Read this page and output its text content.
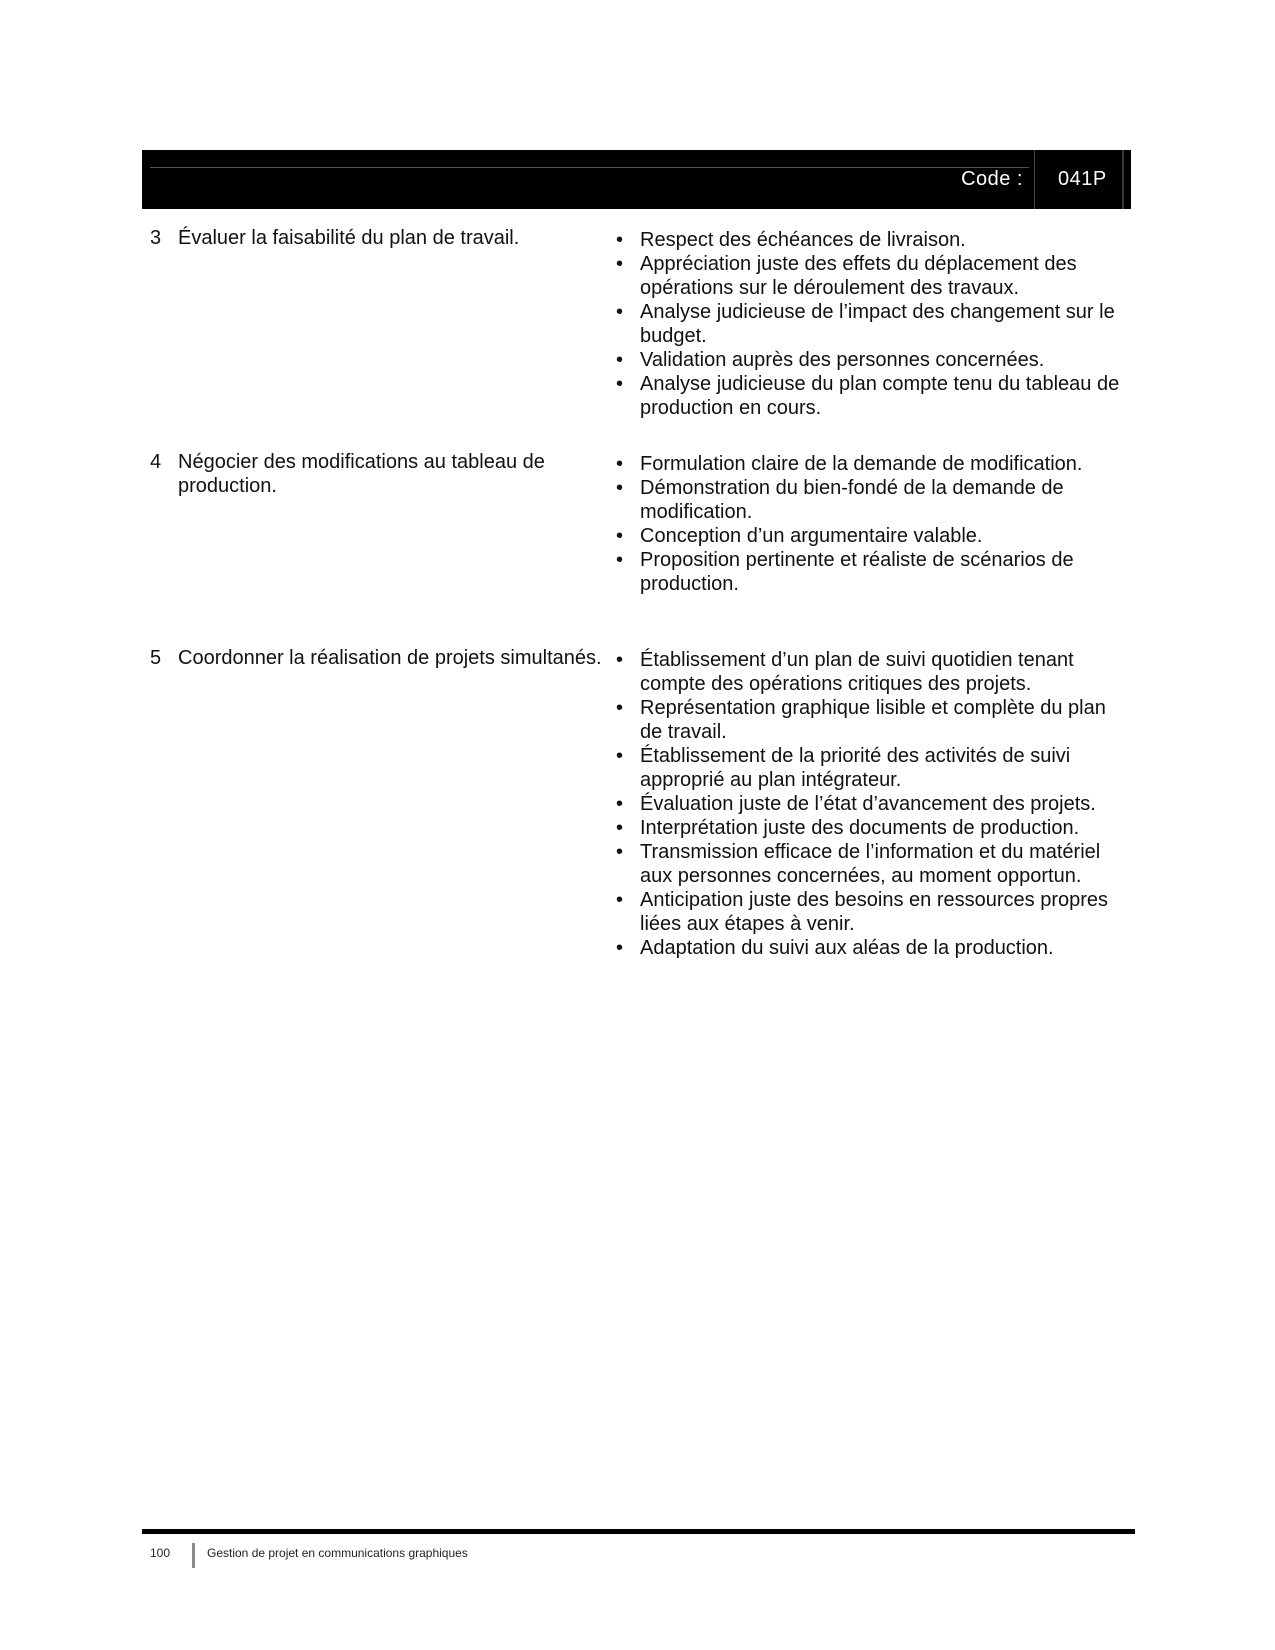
Code : 041P
3 Évaluer la faisabilité du plan de travail.	• Respect des échéances de livraison.
• Appréciation juste des effets du déplacement des opérations sur le déroulement des travaux.
• Analyse judicieuse de l’impact des changement sur le budget.
• Validation auprès des personnes concernées.
• Analyse judicieuse du plan compte tenu du tableau de production en cours.
4 Négocier des modifications au tableau de production.
• Formulation claire de la demande de modification.
• Démonstration du bien-fondé de la demande de modification.
• Conception d’un argumentaire valable.
• Proposition pertinente et réaliste de scénarios de production.
5 Coordonner la réalisation de projets simultanés. • Établissement d’un plan de suivi quotidien tenant compte des opérations critiques des projets.
• Représentation graphique lisible et complète du plan de travail.
• Établissement de la priorité des activités de suivi approprié au plan intégrateur.
• Évaluation juste de l’état d’avancement des projets.
• Interprétation juste des documents de production.
• Transmission efficace de l’information et du matériel aux personnes concernées, au moment opportun.
• Anticipation juste des besoins en ressources propres liées aux étapes à venir.
• Adaptation du suivi aux aléas de la production.
100	Gestion de projet en communications graphiques
